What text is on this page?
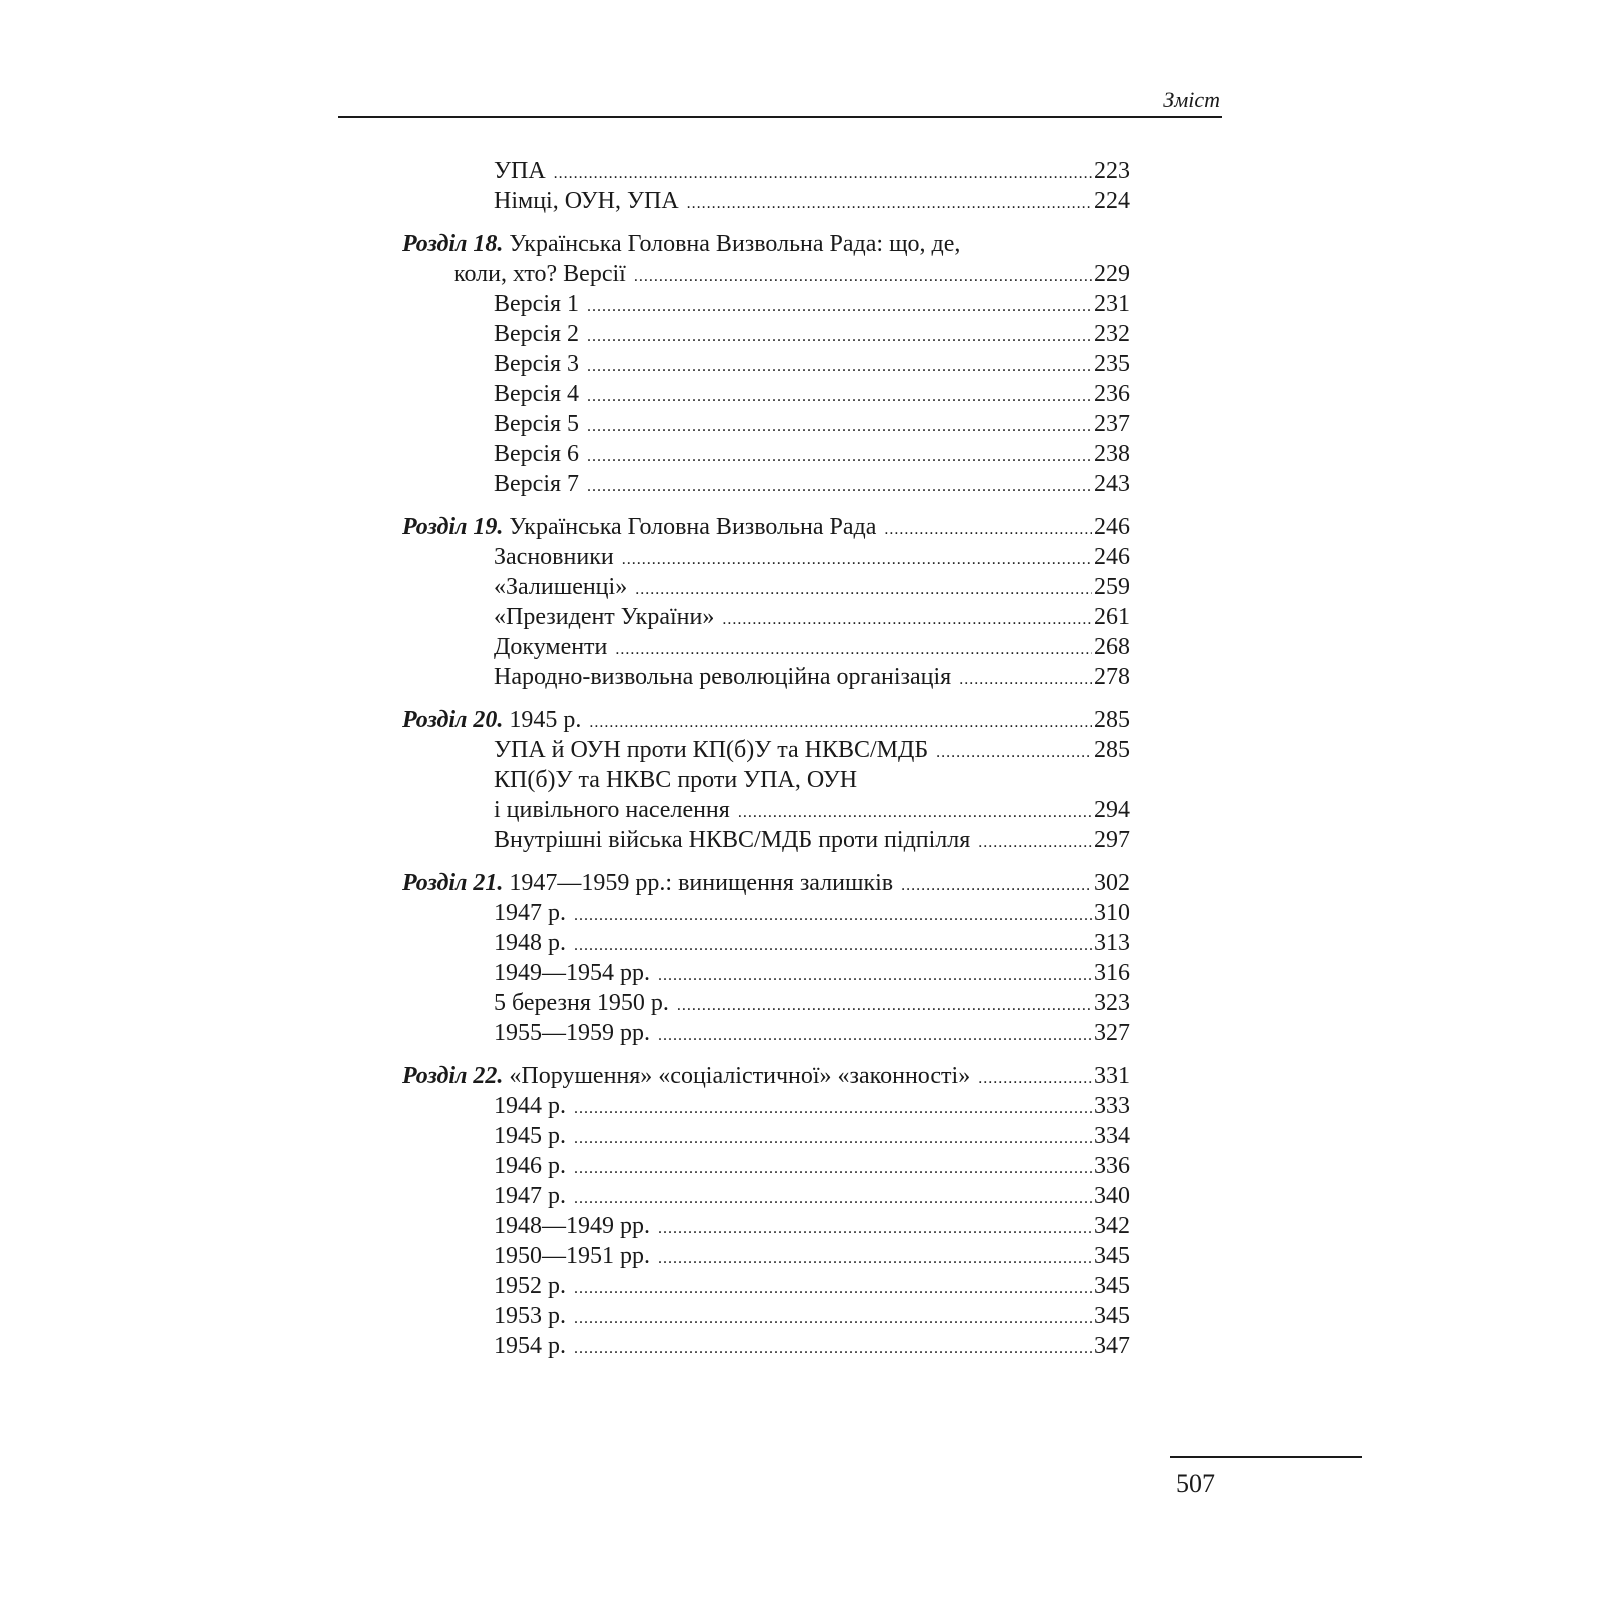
Зміст
УПА .....	223
Німці, ОУН, УПА .....	224
Розділ 18. Українська Головна Визвольна Рада: що, де,
коли, хто? Версії .....	229
Версія 1 .....	231
Версія 2 .....	232
Версія 3 .....	235
Версія 4 .....	236
Версія 5 .....	237
Версія 6 .....	238
Версія 7 .....	243
Розділ 19. Українська Головна Визвольна Рада .....	246
Засновники .....	246
«Залишенці» .....	259
«Президент України» .....	261
Документи .....	268
Народно-визвольна революційна організація .....	278
Розділ 20. 1945 р. .....	285
УПА й ОУН проти КП(б)У та НКВС/МДБ .....	285
КП(б)У та НКВС проти УПА, ОУН
і цивільного населення .....	294
Внутрішні війська НКВС/МДБ проти підпілля .....	297
Розділ 21. 1947—1959 рр.: винищення залишків .....	302
1947 р. .....	310
1948 р. .....	313
1949—1954 рр. .....	316
5 березня 1950 р. .....	323
1955—1959 рр. .....	327
Розділ 22. «Порушення» «соціалістичної» «законності» .....	331
1944 р. .....	333
1945 р. .....	334
1946 р. .....	336
1947 р. .....	340
1948—1949 рр. .....	342
1950—1951 рр. .....	345
1952 р. .....	345
1953 р. .....	345
1954 р. .....	347
507
